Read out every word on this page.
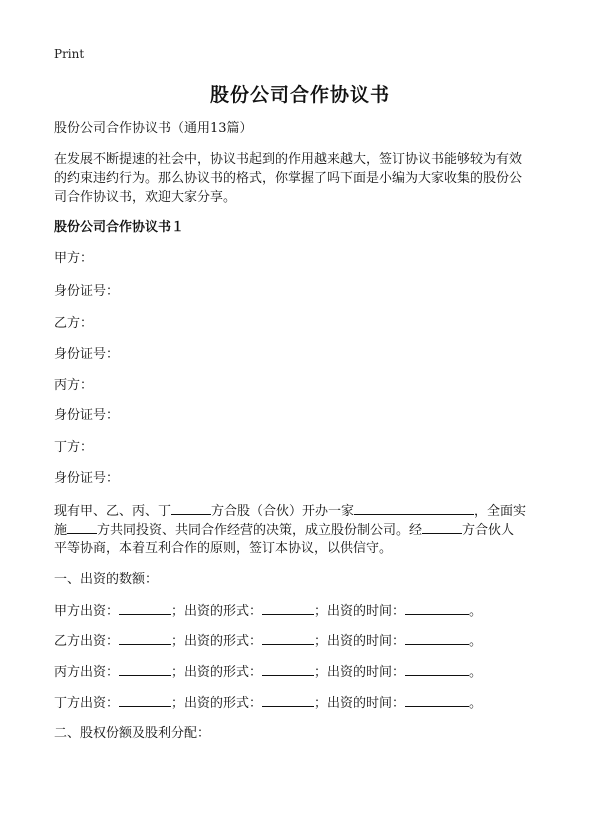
Print
股份公司合作协议书
股份公司合作协议书（通用13篇）
在发展不断提速的社会中，协议书起到的作用越来越大，签订协议书能够较为有效
的约束违约行为。那么协议书的格式，你掌握了吗下面是小编为大家收集的股份公
司合作协议书，欢迎大家分享。
股份公司合作协议书１
甲方：
身份证号：
乙方：
身份证号：
丙方：
身份证号：
丁方：
身份证号：
现有甲、乙、丙、丁	方合股（合伙）开办一家	，全面实
施 方共同投资、共同合作经营的决策，成立股份制公司。经	方合伙人
平等协商，本着互利合作的原则，签订本协议，以供信守。
一、出资的数额：
甲方出资：	；出资的形式：	；出资的时间：	。
乙方出资：	；出资的形式：	；出资的时间：	。
丙方出资：	；出资的形式：	；出资的时间：	。
丁方出资：	；出资的形式：	；出资的时间：	。
二、股权份额及股利分配：
